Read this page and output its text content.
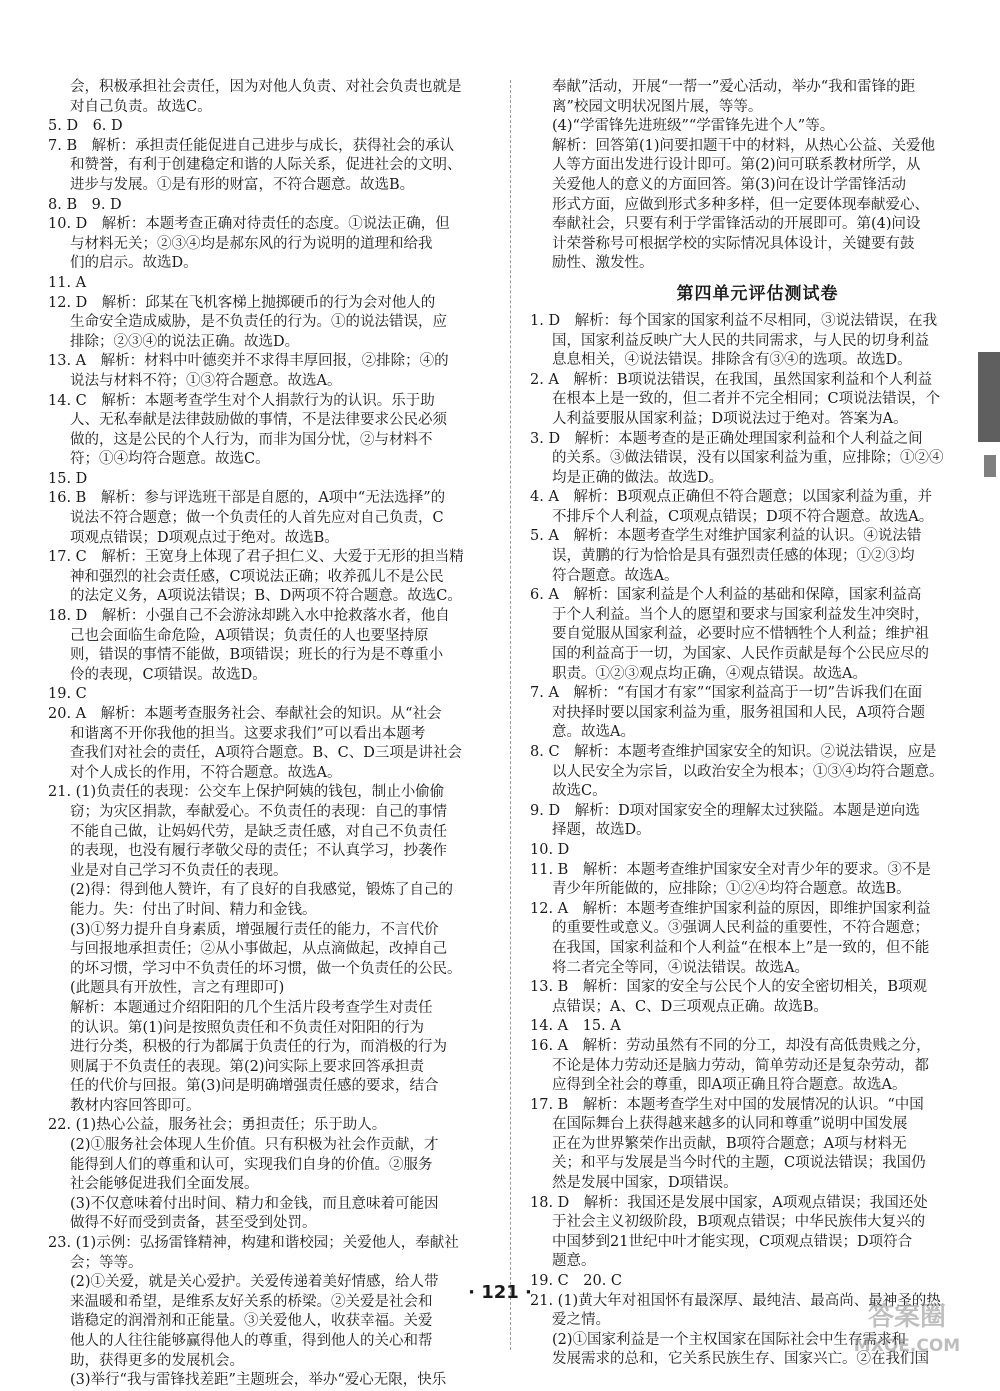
会，积极承担社会责任，因为对他人负责、对社会负责也就是
对自己负责。故选C。
5. D　6. D
7. B　解析：承担责任能促进自己进步与成长，获得社会的承认
和赞誉，有利于创建稳定和谐的人际关系，促进社会的文明、
进步与发展。①是有形的财富，不符合题意。故选B。
8. B　9. D
10. D　解析：本题考查正确对待责任的态度。①说法正确，但
与材料无关；②③④均是郝东风的行为说明的道理和给我
们的启示。故选D。
11. A
12. D　解析：邱某在飞机客梯上抛掷硬币的行为会对他人的
生命安全造成威胁，是不负责任的行为。①的说法错误，应
排除；②③④的说法正确。故选D。
13. A　解析：材料中叶德奕并不求得丰厚回报，②排除；④的
说法与材料不符；①③符合题意。故选A。
14. C　解析：本题考查学生对个人捐款行为的认识。乐于助
人、无私奉献是法律鼓励做的事情，不是法律要求公民必须
做的，这是公民的个人行为，而非为国分忧，②与材料不
符；①④均符合题意。故选C。
15. D
16. B　解析：参与评选班干部是自愿的，A项中“无法选择”的
说法不符合题意；做一个负责任的人首先应对自己负责，C
项观点错误；D项观点过于绝对。故选B。
17. C　解析：王宽身上体现了君子担仁义、大爱于无形的担当精
神和强烈的社会责任感，C项说法正确；收养孤儿不是公民
的法定义务，A项说法错误；B、D两项不符合题意。故选C。
18. D　解析：小强自己不会游泳却跳入水中抢救落水者，他自
己也会面临生命危险，A项错误；负责任的人也要坚持原
则，错误的事情不能做，B项错误；班长的行为是不尊重小
伶的表现，C项错误。故选D。
19. C
20. A　解析：本题考查服务社会、奉献社会的知识。从“社会
和谐离不开你我他的担当。这要求我们”可以看出本题考
查我们对社会的责任，A项符合题意。B、C、D三项是讲社会
对个人成长的作用，不符合题意。故选A。
21. (1)负责任的表现：公交车上保护阿姨的钱包，制止小偷偷
窃；为灾区捐款，奉献爱心。不负责任的表现：自己的事情
不能自己做，让妈妈代劳，是缺乏责任感，对自己不负责任
的表现，也没有履行孝敬父母的责任；不认真学习，抄袭作
业是对自己学习不负责任的表现。
(2)得：得到他人赞许，有了良好的自我感觉，锻炼了自己的
能力。失：付出了时间、精力和金钱。
(3)①努力提升自身素质，增强履行责任的能力，不言代价
与回报地承担责任；②从小事做起，从点滴做起，改掉自己
的坏习惯，学习中不负责任的坏习惯，做一个负责任的公民。
(此题具有开放性，言之有理即可)
解析：本题通过介绍阳阳的几个生活片段考查学生对责任
的认识。第(1)问是按照负责任和不负责任对阳阳的行为
进行分类，积极的行为都属于负责任的行为，而消极的行为
则属于不负责任的表现。第(2)问实际上要求回答承担责
任的代价与回报。第(3)问是明确增强责任感的要求，结合
教材内容回答即可。
22. (1)热心公益，服务社会；勇担责任；乐于助人。
(2)①服务社会体现人生价值。只有积极为社会作贡献，才
能得到人们的尊重和认可，实现我们自身的价值。②服务
社会能够促进我们全面发展。
(3)不仅意味着付出时间、精力和金钱，而且意味着可能因
做得不好而受到责备，甚至受到处罚。
23. (1)示例：弘扬雷锋精神，构建和谐校园；关爱他人，奉献社
会；等等。
(2)①关爱，就是关心爱护。关爱传递着美好情感，给人带
来温暖和希望，是维系友好关系的桥梁。②关爱是社会和
谐稳定的润滑剂和正能量。③关爱他人，收获幸福。关爱
他人的人往往能够赢得他人的尊重，得到他人的关心和帮
助，获得更多的发展机会。
(3)举行“我与雷锋找差距”主题班会，举办“爱心无限，快乐
奉献”活动，开展“一帮一”爱心活动，举办“我和雷锋的距
离”校园文明状况图片展，等等。
(4)“学雷锋先进班级”“学雷锋先进个人”等。
解析：回答第(1)问要扣题干中的材料，从热心公益、关爱他
人等方面出发进行设计即可。第(2)问可联系教材所学，从
关爱他人的意义的方面回答。第(3)问在设计学雷锋活动
形式方面，应做到形式多种多样，但一定要体现奉献爱心、
奉献社会，只要有利于学雷锋活动的开展即可。第(4)问设
计荣誉称号可根据学校的实际情况具体设计，关键要有鼓
励性、激发性。
第四单元评估测试卷
1. D　解析：每个国家的国家利益不尽相同，③说法错误，在我
国，国家利益反映广大人民的共同需求，与人民的切身利益
息息相关，④说法错误。排除含有③④的选项。故选D。
2. A　解析：B项说法错误，在我国，虽然国家利益和个人利益
在根本上是一致的，但二者并不完全相同；C项说法错误，个
人利益要服从国家利益；D项说法过于绝对。答案为A。
3. D　解析：本题考查的是正确处理国家利益和个人利益之间
的关系。③做法错误，没有以国家利益为重，应排除；①②④
均是正确的做法。故选D。
4. A　解析：B项观点正确但不符合题意；以国家利益为重，并
不排斥个人利益，C项观点错误；D项不符合题意。故选A。
5. A　解析：本题考查学生对维护国家利益的认识。④说法错
误，黄鹏的行为恰恰是具有强烈责任感的体现；①②③均
符合题意。故选A。
6. A　解析：国家利益是个人利益的基础和保障，国家利益高
于个人利益。当个人的愿望和要求与国家利益发生冲突时，
要自觉服从国家利益，必要时应不惜牺牲个人利益；维护祖
国的利益高于一切，为国家、人民作贡献是每个公民应尽的
职责。①②③观点均正确，④观点错误。故选A。
7. A　解析：“有国才有家”“国家利益高于一切”告诉我们在面
对抉择时要以国家利益为重，服务祖国和人民，A项符合题
意。故选A。
8. C　解析：本题考查维护国家安全的知识。②说法错误，应是
以人民安全为宗旨，以政治安全为根本；①③④均符合题意。
故选C。
9. D　解析：D项对国家安全的理解太过狭隘。本题是逆向选
择题，故选D。
10. D
11. B　解析：本题考查维护国家安全对青少年的要求。③不是
青少年所能做的，应排除；①②④均符合题意。故选B。
12. A　解析：本题考查维护国家利益的原因，即维护国家利益
的重要性或意义。③强调人民利益的重要性，不符合题意；
在我国，国家利益和个人利益“在根本上”是一致的，但不能
将二者完全等同，④说法错误。故选A。
13. B　解析：国家的安全与公民个人的安全密切相关，B项观
点错误；A、C、D三项观点正确。故选B。
14. A　15. A
16. A　解析：劳动虽然有不同的分工，却没有高低贵贱之分，
不论是体力劳动还是脑力劳动，简单劳动还是复杂劳动，都
应得到全社会的尊重，即A项正确且符合题意。故选A。
17. B　解析：本题考查学生对中国的发展情况的认识。“中国
在国际舞台上获得越来越多的认同和尊重”说明中国发展
正在为世界繁荣作出贡献，B项符合题意；A项与材料无
关；和平与发展是当今时代的主题，C项说法错误；我国仍
然是发展中国家，D项错误。
18. D　解析：我国还是发展中国家，A项观点错误；我国还处
于社会主义初级阶段，B项观点错误；中华民族伟大复兴的
中国梦到21世纪中叶才能实现，C项观点错误；D项符合
题意。
19. C　20. C
21. (1)黄大年对祖国怀有最深厚、最纯洁、最高尚、最神圣的热
爱之情。
(2)①国家利益是一个主权国家在国际社会中生存需求和
发展需求的总和，它关系民族生存、国家兴亡。②在我们国
· 121 ·
答案圈
MXQE.COM
